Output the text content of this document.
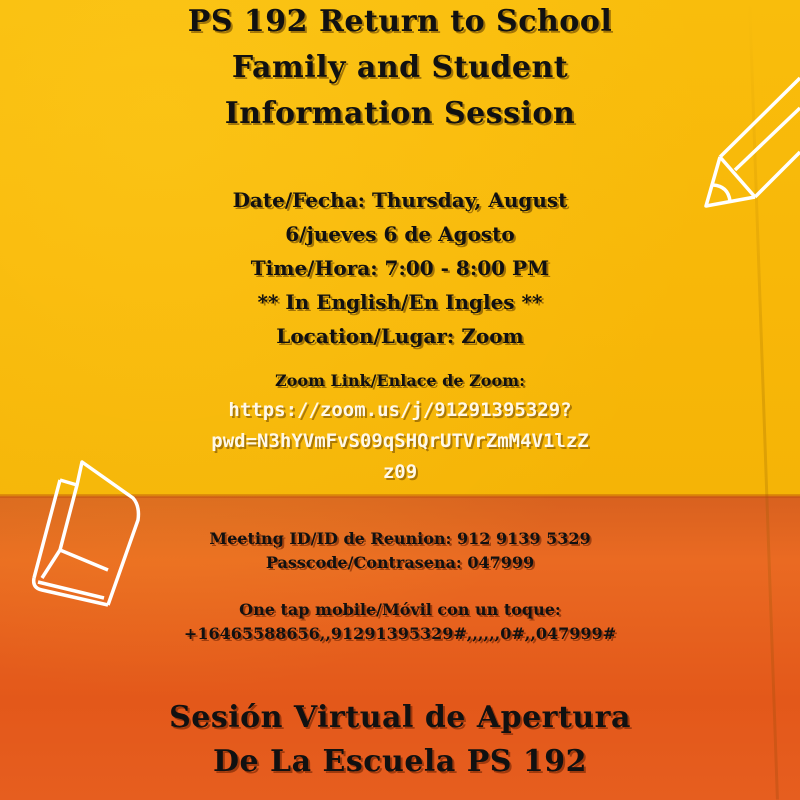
PS 192 Return to School
Family and Student
Information Session
Date/Fecha: Thursday, August
6/jueves 6 de Agosto
Time/Hora: 7:00 - 8:00 PM
** In English/En Ingles **
Location/Lugar: Zoom
Zoom Link/Enlace de Zoom:
https://zoom.us/j/91291395329?
pwd=N3hYVmFvS09qSHQrUTVrZmM4V1lzZ
z09
Meeting ID/ID de Reunion: 912 9139 5329
Passcode/Contrasena: 047999
One tap mobile/Móvil con un toque:
+16465588656,,91291395329#,,,,,,0#,,047999#
Sesión Virtual de Apertura
De La Escuela PS 192
